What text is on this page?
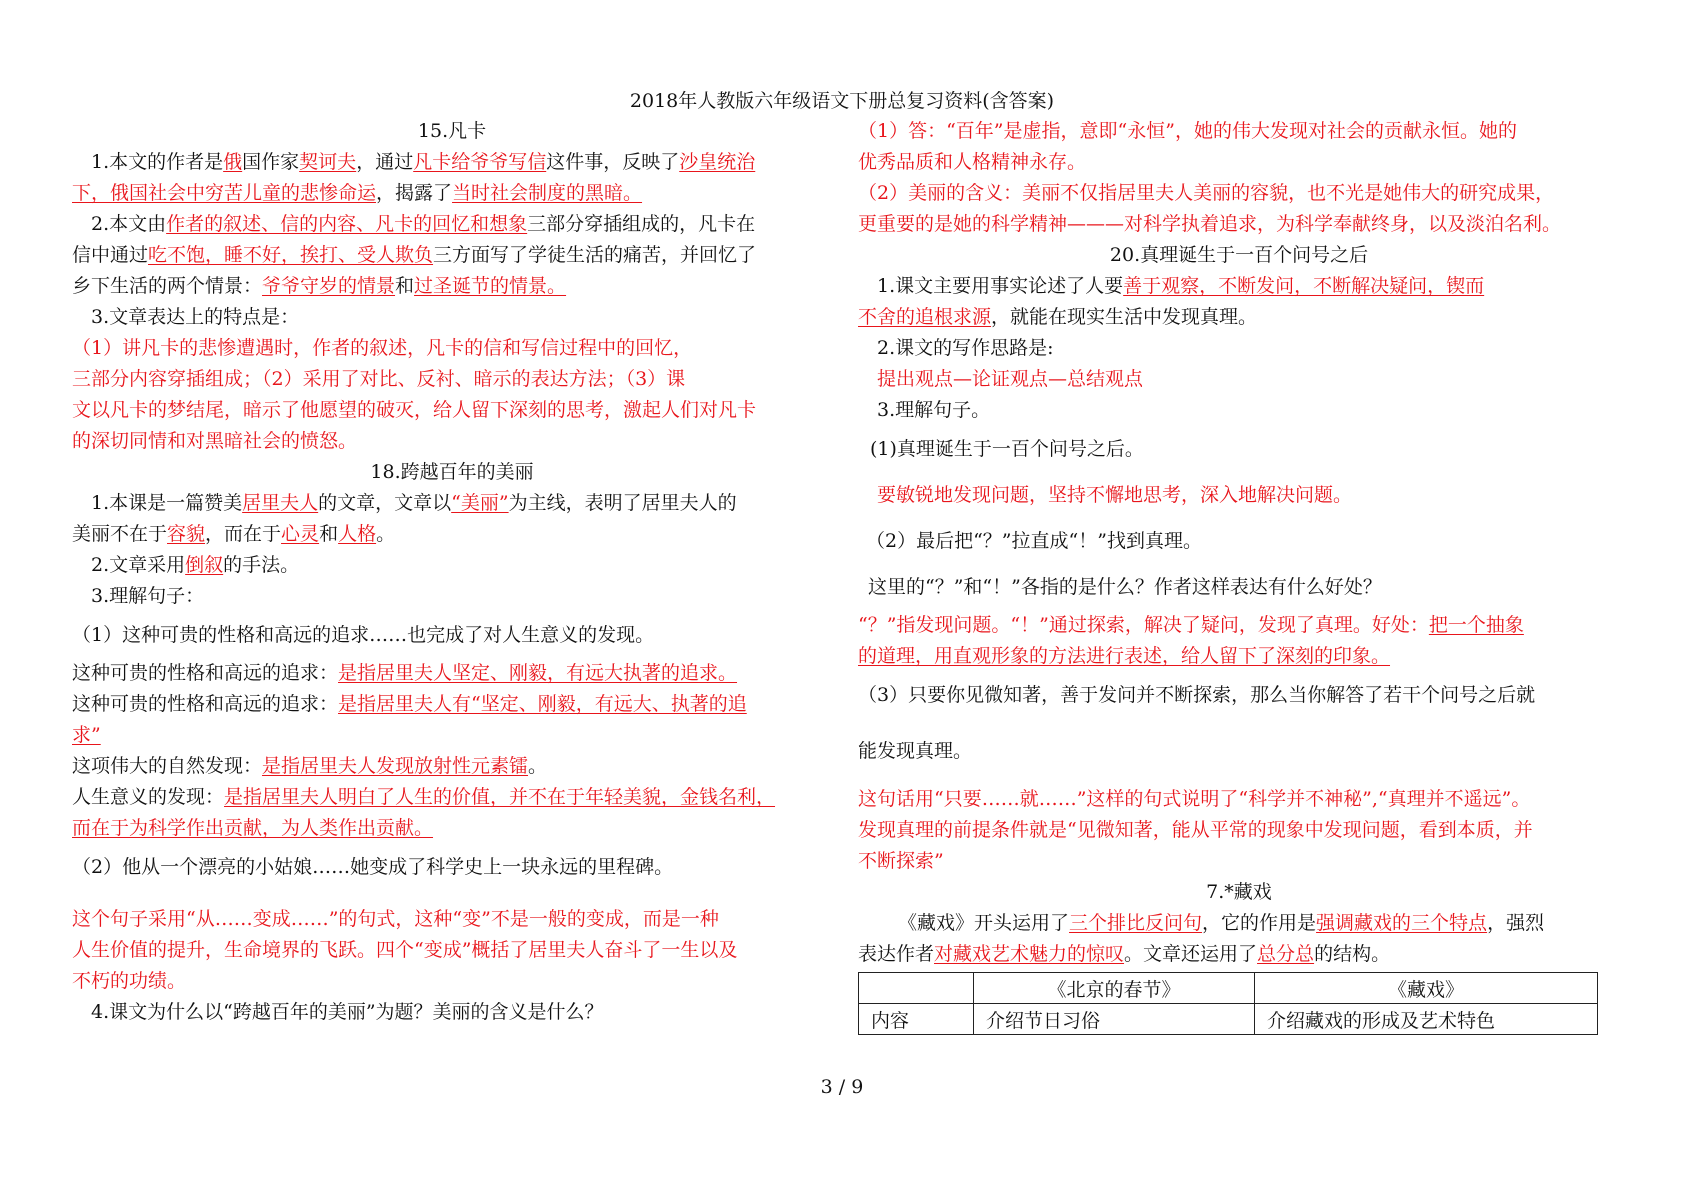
2018年人教版六年级语文下册总复习资料(含答案)
15.凡卡
1.本文的作者是俄国作家契诃夫，通过凡卡给爷爷写信这件事，反映了沙皇统治
下，俄国社会中穷苦儿童的悲惨命运，揭露了当时社会制度的黑暗。
2.本文由作者的叙述、信的内容、凡卡的回忆和想象三部分穿插组成的，凡卡在
信中通过吃不饱，睡不好，挨打、受人欺负三方面写了学徒生活的痛苦，并回忆了
乡下生活的两个情景：爷爷守岁的情景和过圣诞节的情景。
3.文章表达上的特点是：
（1）讲凡卡的悲惨遭遇时，作者的叙述，凡卡的信和写信过程中的回忆，
三部分内容穿插组成；（2）采用了对比、反衬、暗示的表达方法；（3）课
文以凡卡的梦结尾，暗示了他愿望的破灭，给人留下深刻的思考，激起人们对凡卡
的深切同情和对黑暗社会的愤怒。
18.跨越百年的美丽
1.本课是一篇赞美居里夫人的文章，文章以“美丽”为主线，表明了居里夫人的
美丽不在于容貌，而在于心灵和人格。
2.文章采用倒叙的手法。
3.理解句子：
（1）这种可贵的性格和高远的追求……也完成了对人生意义的发现。
这种可贵的性格和高远的追求：是指居里夫人坚定、刚毅，有远大执著的追求。
这种可贵的性格和高远的追求：是指居里夫人有“坚定、刚毅，有远大、执著的追
求”
这项伟大的自然发现：是指居里夫人发现放射性元素镭。
人生意义的发现：是指居里夫人明白了人生的价值，并不在于年轻美貌，金钱名利，
而在于为科学作出贡献，为人类作出贡献。
（2）他从一个漂亮的小姑娘……她变成了科学史上一块永远的里程碑。
这个句子采用“从……变成……”的句式，这种“变”不是一般的变成，而是一种
人生价值的提升，生命境界的飞跃。四个“变成”概括了居里夫人奋斗了一生以及
不朽的功绩。
4.课文为什么以“跨越百年的美丽”为题？美丽的含义是什么？
（1）答：“百年”是虚指，意即“永恒”，她的伟大发现对社会的贡献永恒。她的
优秀品质和人格精神永存。
（2）美丽的含义：美丽不仅指居里夫人美丽的容貌，也不光是她伟大的研究成果，
更重要的是她的科学精神———对科学执着追求，为科学奉献终身，以及淡泊名利。
20.真理诞生于一百个问号之后
1.课文主要用事实论述了人要善于观察，不断发问，不断解决疑问，锲而
不舍的追根求源，就能在现实生活中发现真理。
2.课文的写作思路是:
提出观点—论证观点—总结观点
3.理解句子。
(1)真理诞生于一百个问号之后。
要敏锐地发现问题，坚持不懈地思考，深入地解决问题。
（2）最后把“？”拉直成“！”找到真理。
这里的“？”和“！”各指的是什么？作者这样表达有什么好处？
“？”指发现问题。“！”通过探索，解决了疑问，发现了真理。好处：把一个抽象
的道理，用直观形象的方法进行表述，给人留下了深刻的印象。
（3）只要你见微知著，善于发问并不断探索，那么当你解答了若干个问号之后就
能发现真理。
这句话用“只要……就……”这样的句式说明了“科学并不神秘”,“真理并不遥远”。
发现真理的前提条件就是“见微知著，能从平常的现象中发现问题，看到本质，并
不断探索”
7.*藏戏
《藏戏》开头运用了三个排比反问句，它的作用是强调藏戏的三个特点，强烈
表达作者对藏戏艺术魅力的惊叹。文章还运用了总分总的结构。
	《北京的春节》	《藏戏》
内容	介绍节日习俗	介绍藏戏的形成及艺术特色
3 / 9
